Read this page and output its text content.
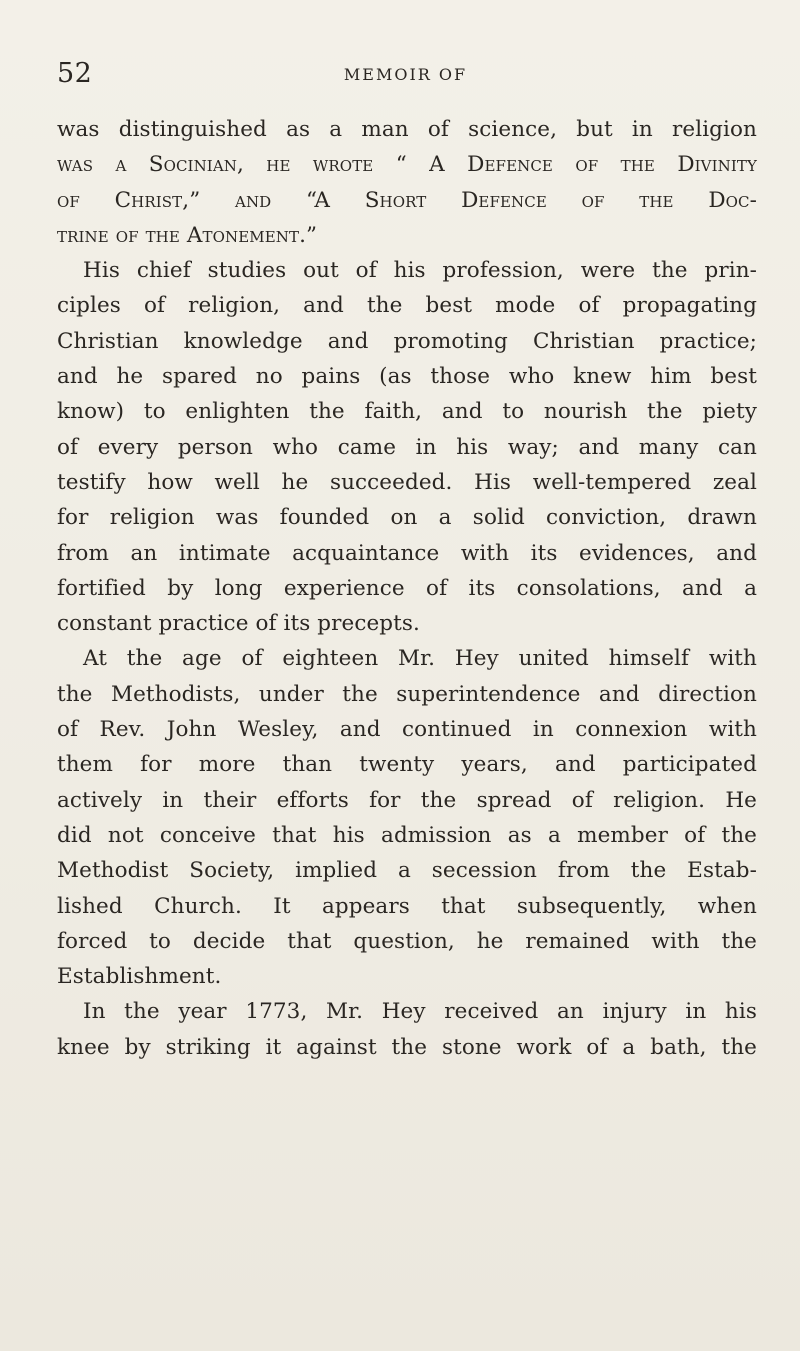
52	MEMOIR OF

was distinguished as a man of science, but in religion
was a Socinian, he wrote “ A Defence of the Divinity
of Christ,” and “A Short Defence of the Doc-
trine of the Atonement.”

His chief studies out of his profession, were the prin-
ciples of religion, and the best mode of propagating
Christian knowledge and promoting Christian practice;
and he spared no pains (as those who knew him best
know) to enlighten the faith, and to nourish the piety
of every person who came in his way; and many can
testify how well he succeeded. His well-tempered zeal
for religion was founded on a solid conviction, drawn
from an intimate acquaintance with its evidences, and
fortified by long experience of its consolations, and a
constant practice of its precepts.

At the age of eighteen Mr. Hey united himself with
the Methodists, under the superintendence and direction
of Rev. John Wesley, and continued in connexion with
them for more than twenty years, and participated
actively in their efforts for the spread of religion. He
did not conceive that his admission as a member of the
Methodist Society, implied a secession from the Estab-
lished Church. It appears that subsequently, when
forced to decide that question, he remained with the
Establishment.

In the year 1773, Mr. Hey received an injury in his
knee by striking it against the stone work of a bath, the
